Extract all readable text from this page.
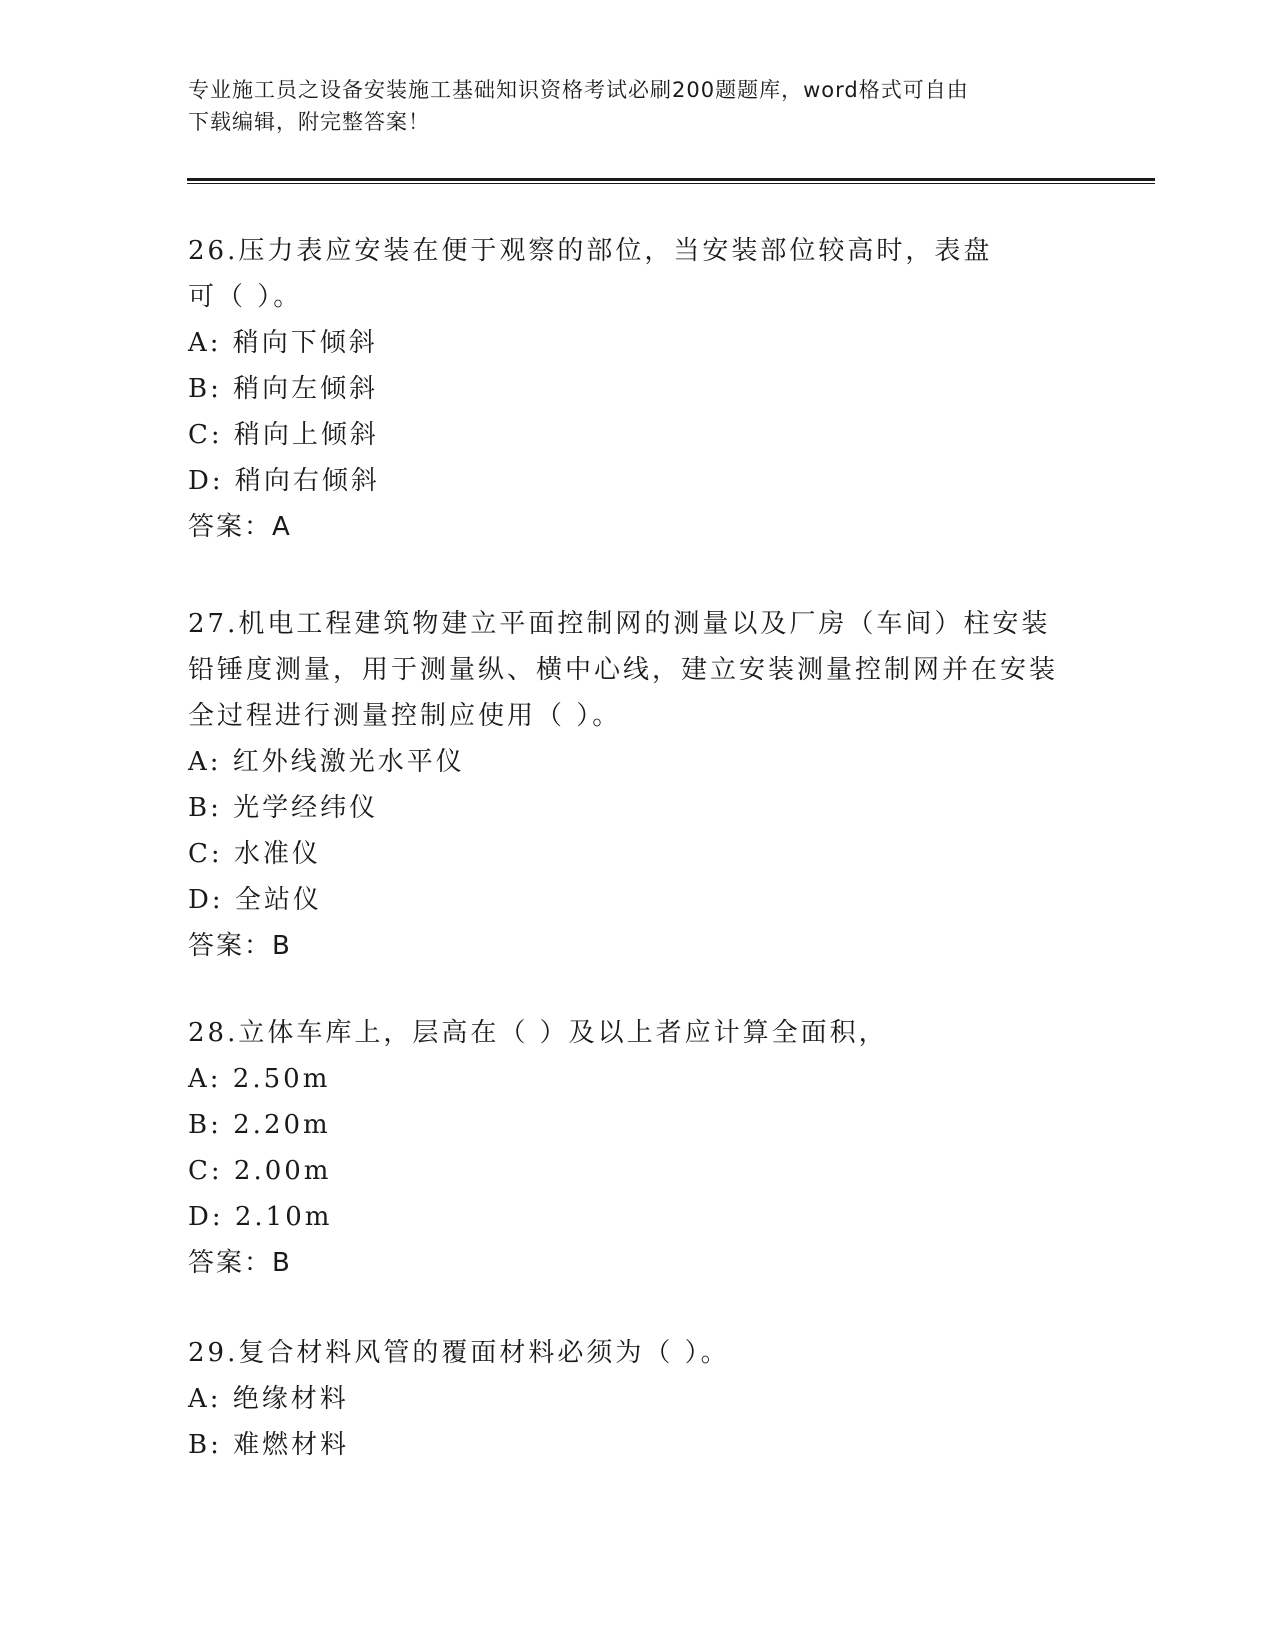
专业施工员之设备安装施工基础知识资格考试必刷200题题库，word格式可自由
下载编辑，附完整答案！
26.压力表应安装在便于观察的部位，当安装部位较高时，表盘可（ ）。
A: 稍向下倾斜
B: 稍向左倾斜
C: 稍向上倾斜
D: 稍向右倾斜
答案：A
27.机电工程建筑物建立平面控制网的测量以及厂房（车间）柱安装铅锤度测量，用于测量纵、横中心线，建立安装测量控制网并在安装全过程进行测量控制应使用（ ）。
A: 红外线激光水平仪
B: 光学经纬仪
C: 水准仪
D: 全站仪
答案：B
28.立体车库上，层高在（ ）及以上者应计算全面积，
A: 2.50m
B: 2.20m
C: 2.00m
D: 2.10m
答案：B
29.复合材料风管的覆面材料必须为（ ）。
A: 绝缘材料
B: 难燃材料
